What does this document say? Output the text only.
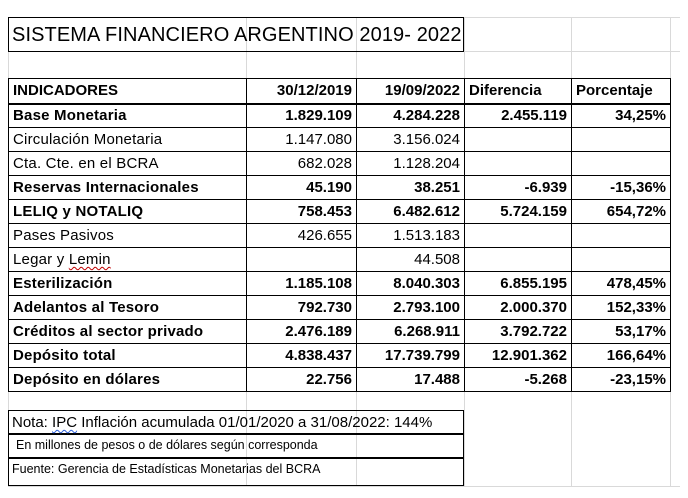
SISTEMA FINANCIERO ARGENTINO 2019- 2022
INDICADORES	30/12/2019	19/09/2022	Diferencia	Porcentaje
Base Monetaria	1.829.109	4.284.228	2.455.119	34,25%
Circulación Monetaria	1.147.080	3.156.024		
Cta. Cte. en el BCRA	682.028	1.128.204		
Reservas Internacionales	45.190	38.251	-6.939	-15,36%
LELIQ y NOTALIQ	758.453	6.482.612	5.724.159	654,72%
Pases Pasivos	426.655	1.513.183		
Legar y Lemin		44.508		
Esterilización	1.185.108	8.040.303	6.855.195	478,45%
Adelantos al Tesoro	792.730	2.793.100	2.000.370	152,33%
Créditos al sector privado	2.476.189	6.268.911	3.792.722	53,17%
Depósito total	4.838.437	17.739.799	12.901.362	166,64%
Depósito en dólares	22.756	17.488	-5.268	-23,15%
Nota: IPC Inflación acumulada 01/01/2020 a 31/08/2022: 144%
En millones de pesos o de dólares según corresponda
Fuente: Gerencia de Estadísticas Monetarias del BCRA
